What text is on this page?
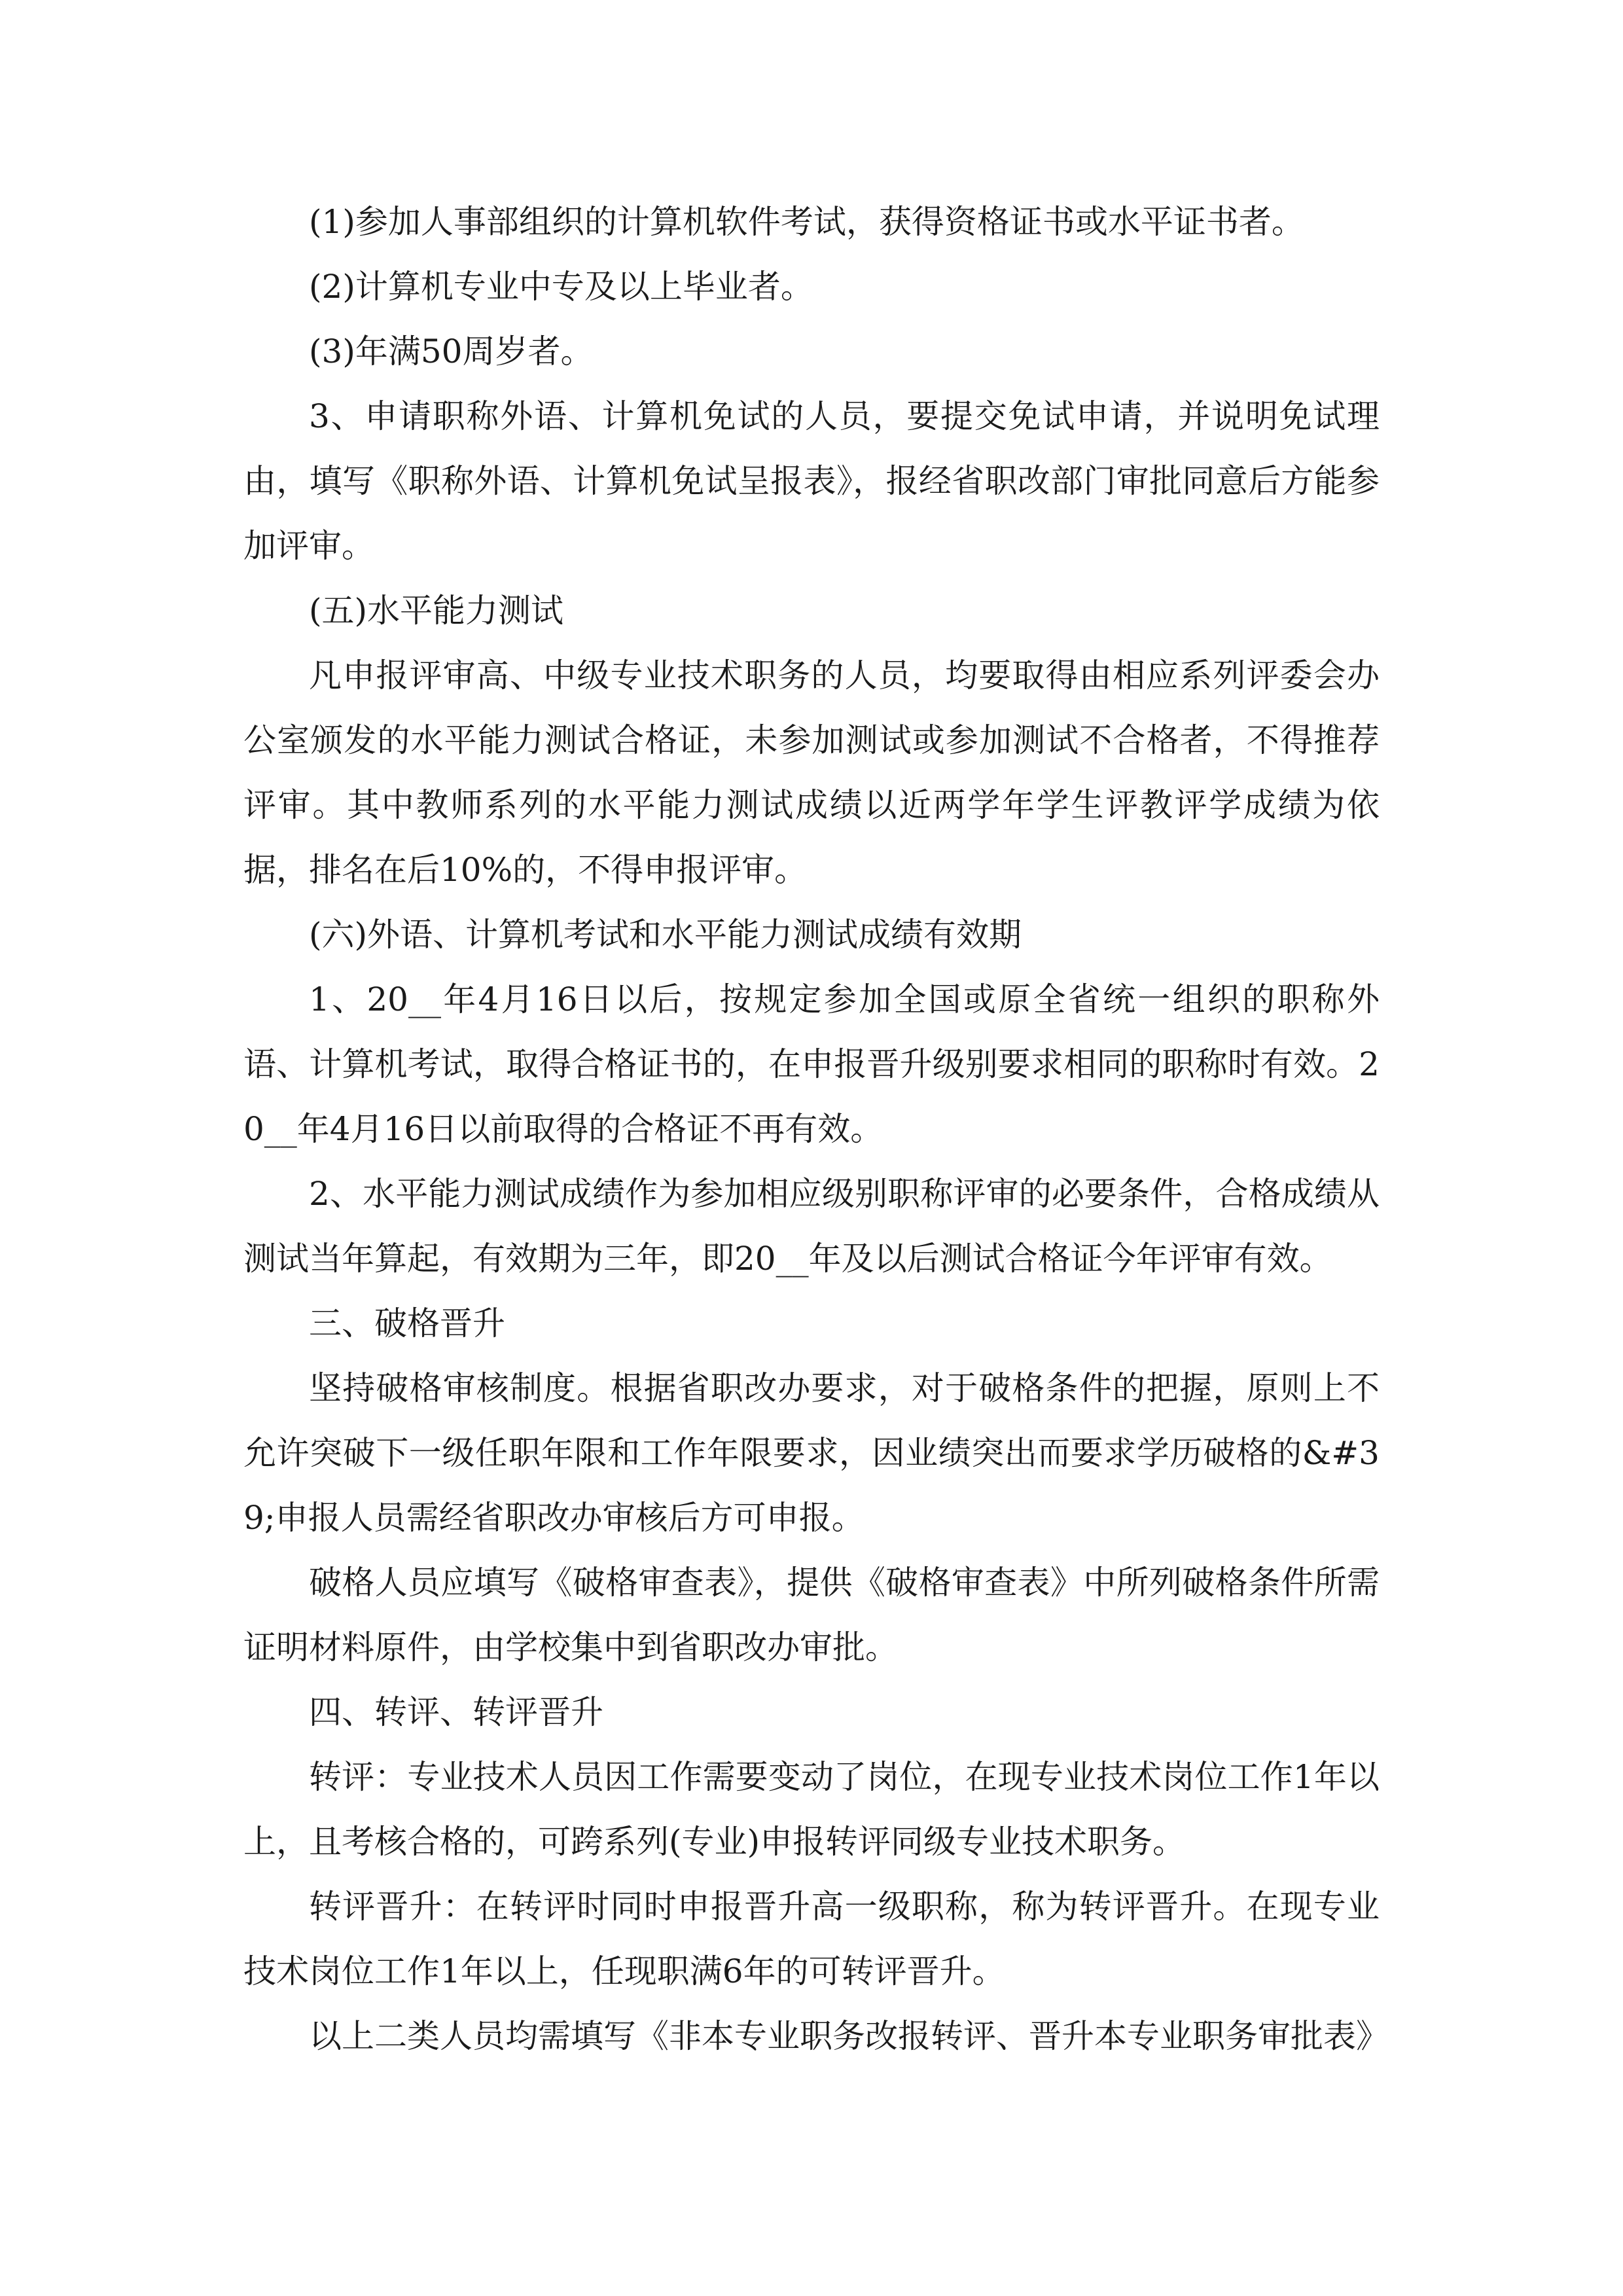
(1)参加人事部组织的计算机软件考试，获得资格证书或水平证书者。

(2)计算机专业中专及以上毕业者。

(3)年满50周岁者。

3、申请职称外语、计算机免试的人员，要提交免试申请，并说明免试理由，填写《职称外语、计算机免试呈报表》，报经省职改部门审批同意后方能参加评审。

(五)水平能力测试

凡申报评审高、中级专业技术职务的人员，均要取得由相应系列评委会办公室颁发的水平能力测试合格证，未参加测试或参加测试不合格者，不得推荐评审。其中教师系列的水平能力测试成绩以近两学年学生评教评学成绩为依据，排名在后10%的，不得申报评审。

(六)外语、计算机考试和水平能力测试成绩有效期

1、20__年4月16日以后，按规定参加全国或原全省统一组织的职称外语、计算机考试，取得合格证书的，在申报晋升级别要求相同的职称时有效。20__年4月16日以前取得的合格证不再有效。

2、水平能力测试成绩作为参加相应级别职称评审的必要条件，合格成绩从测试当年算起，有效期为三年，即20__年及以后测试合格证今年评审有效。

三、破格晋升

坚持破格审核制度。根据省职改办要求，对于破格条件的把握，原则上不允许突破下一级任职年限和工作年限要求，因业绩突出而要求学历破格的&#39;申报人员需经省职改办审核后方可申报。

破格人员应填写《破格审查表》，提供《破格审查表》中所列破格条件所需证明材料原件，由学校集中到省职改办审批。

四、转评、转评晋升

转评：专业技术人员因工作需要变动了岗位，在现专业技术岗位工作1年以上，且考核合格的，可跨系列(专业)申报转评同级专业技术职务。

转评晋升：在转评时同时申报晋升高一级职称，称为转评晋升。在现专业技术岗位工作1年以上，任现职满6年的可转评晋升。

以上二类人员均需填写《非本专业职务改报转评、晋升本专业职务审批表》
